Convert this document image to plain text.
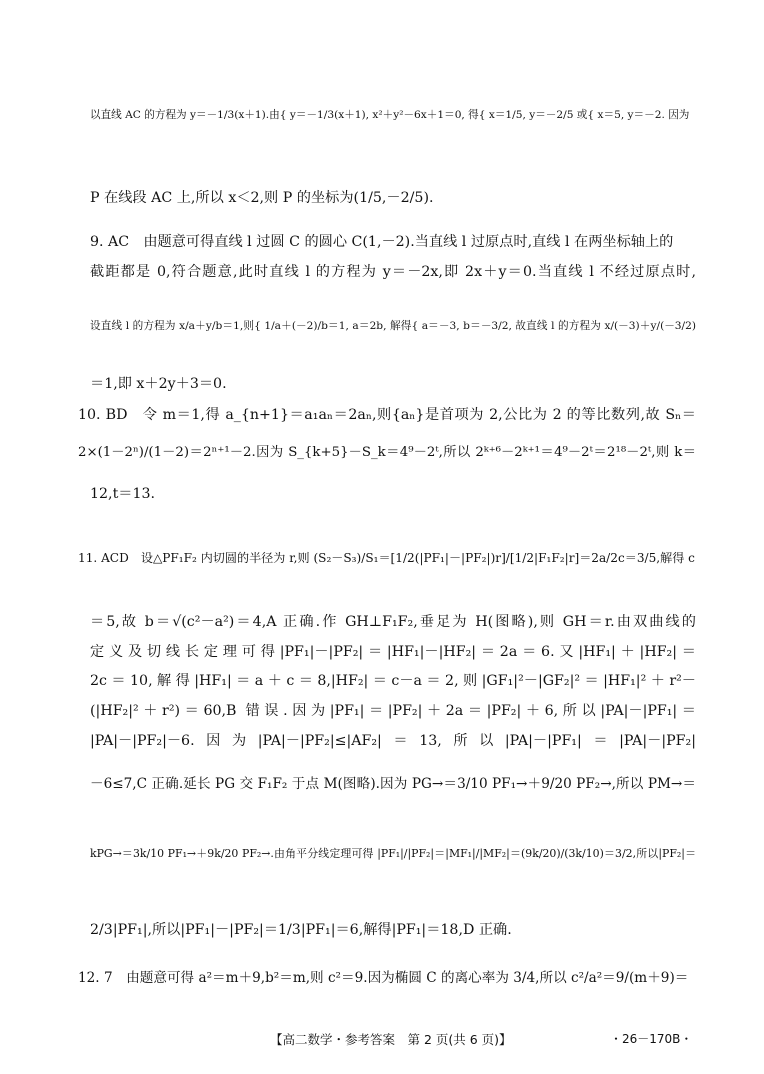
以直线 AC 的方程为 y＝－1/3(x＋1).由{ y＝－1/3(x＋1), x²＋y²－6x＋1＝0, 得{ x＝1/5, y＝－2/5 或{ x＝5, y＝－2. 因为
P 在线段 AC 上,所以 x＜2,则 P 的坐标为(1/5,－2/5).
9. AC　由题意可得直线 l 过圆 C 的圆心 C(1,－2).当直线 l 过原点时,直线 l 在两坐标轴上的
截距都是 0,符合题意,此时直线 l 的方程为 y＝－2x,即 2x＋y＝0.当直线 l 不经过原点时,
设直线 l 的方程为 x/a＋y/b＝1,则{ 1/a＋(－2)/b＝1, a＝2b, 解得{ a＝－3, b＝－3/2, 故直线 l 的方程为 x/(－3)＋y/(－3/2)
＝1,即 x＋2y＋3＝0.
10. BD　令 m＝1,得 a_{n+1}＝a₁aₙ＝2aₙ,则{aₙ}是首项为 2,公比为 2 的等比数列,故 Sₙ＝
2×(1－2ⁿ)/(1－2)＝2ⁿ⁺¹－2.因为 S_{k+5}－S_k＝4⁹－2ᵗ,所以 2ᵏ⁺⁶－2ᵏ⁺¹＝4⁹－2ᵗ＝2¹⁸－2ᵗ,则 k＝
12,t＝13.
11. ACD　设△PF₁F₂ 内切圆的半径为 r,则 (S₂－S₃)/S₁＝[1/2(|PF₁|－|PF₂|)r]/[1/2|F₁F₂|r]＝2a/2c＝3/5,解得 c
＝5,故 b＝√(c²－a²)＝4,A 正确.作 GH⊥F₁F₂,垂足为 H(图略),则 GH＝r.由双曲线的
定义及切线长定理可得|PF₁|－|PF₂|＝|HF₁|－|HF₂|＝2a＝6.又|HF₁|＋|HF₂|＝
2c＝10,解得|HF₁|＝a＋c＝8,|HF₂|＝c－a＝2,则|GF₁|²－|GF₂|²＝|HF₁|²＋r²－
(|HF₂|²＋r²)＝60,B 错误.因为|PF₁|＝|PF₂|＋2a＝|PF₂|＋6,所以|PA|－|PF₁|＝
|PA|－|PF₂|－6.因为|PA|－|PF₂|≤|AF₂|＝13,所以|PA|－|PF₁|＝|PA|－|PF₂|
－6≤7,C 正确.延长 PG 交 F₁F₂ 于点 M(图略).因为 PG→＝3/10 PF₁→＋9/20 PF₂→,所以 PM→＝
kPG→＝3k/10 PF₁→＋9k/20 PF₂→.由角平分线定理可得 |PF₁|/|PF₂|＝|MF₁|/|MF₂|＝(9k/20)/(3k/10)＝3/2,所以|PF₂|＝
2/3|PF₁|,所以|PF₁|－|PF₂|＝1/3|PF₁|＝6,解得|PF₁|＝18,D 正确.
12. 7　由题意可得 a²＝m＋9,b²＝m,则 c²＝9.因为椭圆 C 的离心率为 3/4,所以 c²/a²＝9/(m＋9)＝
【高二数学・参考答案　第 2 页(共 6 页)】	・26－170B・
